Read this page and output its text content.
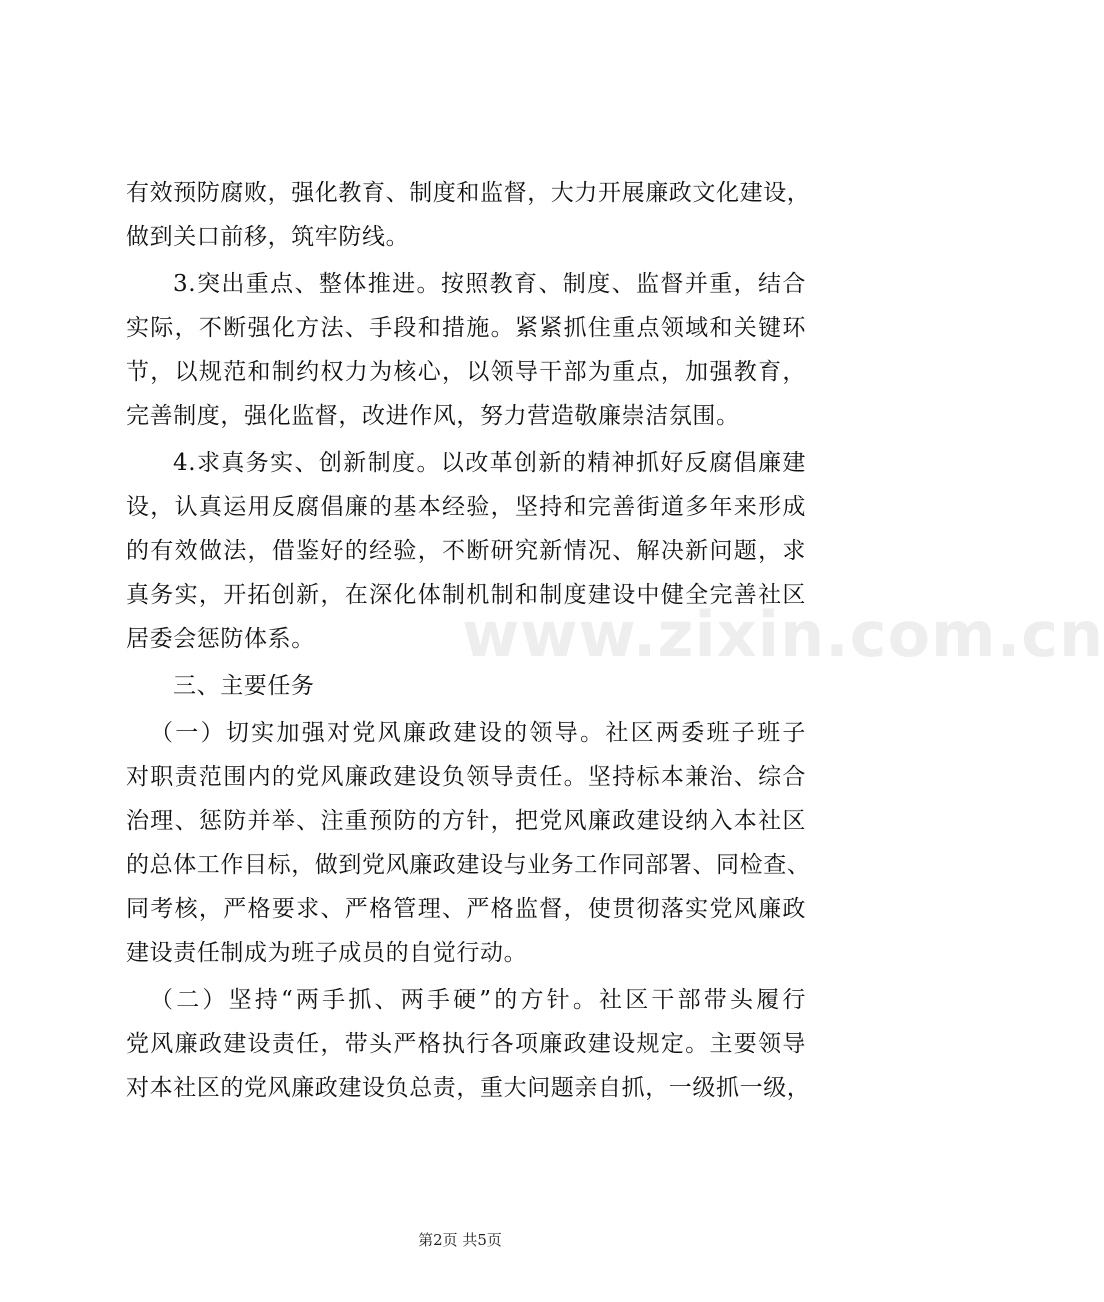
有效预防腐败，强化教育、制度和监督，大力开展廉政文化建设，

做到关口前移，筑牢防线。

3.突出重点、整体推进。按照教育、制度、监督并重，结合

实际，不断强化方法、手段和措施。紧紧抓住重点领域和关键环

节，以规范和制约权力为核心，以领导干部为重点，加强教育，

完善制度，强化监督，改进作风，努力营造敬廉崇洁氛围。

4.求真务实、创新制度。以改革创新的精神抓好反腐倡廉建

设，认真运用反腐倡廉的基本经验，坚持和完善街道多年来形成

的有效做法，借鉴好的经验，不断研究新情况、解决新问题，求

真务实，开拓创新，在深化体制机制和制度建设中健全完善社区

居委会惩防体系。

三、主要任务

（一）切实加强对党风廉政建设的领导。社区两委班子班子

对职责范围内的党风廉政建设负领导责任。坚持标本兼治、综合

治理、惩防并举、注重预防的方针，把党风廉政建设纳入本社区

的总体工作目标，做到党风廉政建设与业务工作同部署、同检查、

同考核，严格要求、严格管理、严格监督，使贯彻落实党风廉政

建设责任制成为班子成员的自觉行动。

（二）坚持“两手抓、两手硬”的方针。社区干部带头履行

党风廉政建设责任，带头严格执行各项廉政建设规定。主要领导

对本社区的党风廉政建设负总责，重大问题亲自抓，一级抓一级，

www.zixin.com.cn
第2页 共5页
